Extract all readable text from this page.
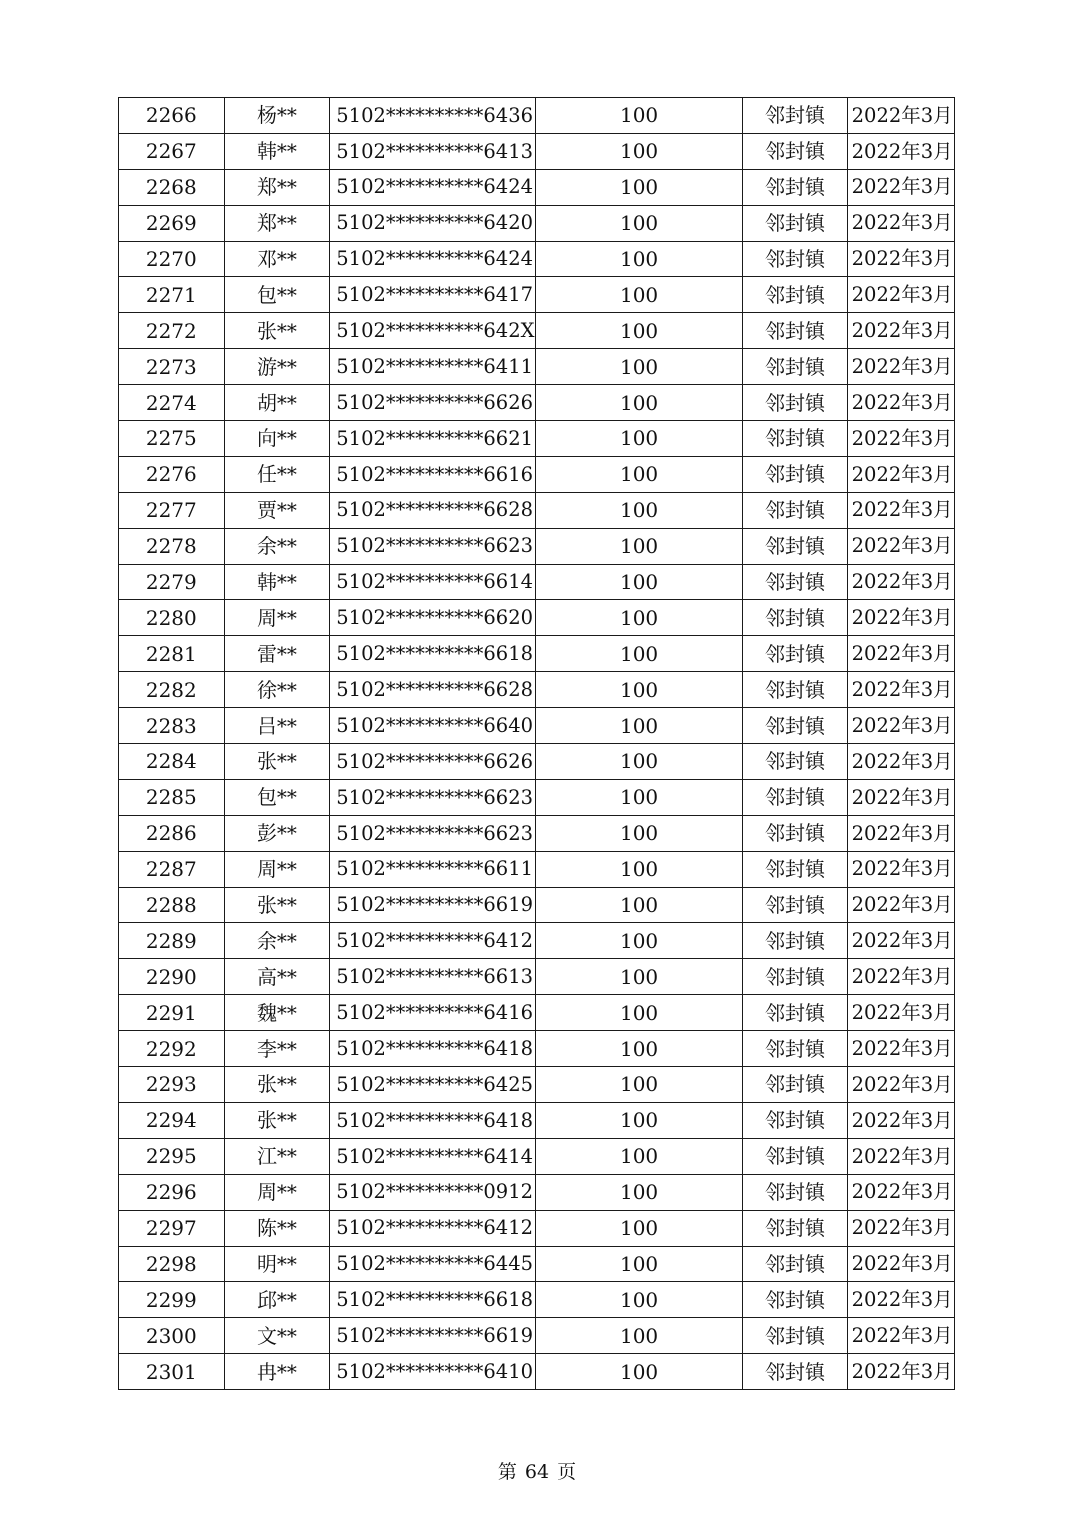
2266	杨**	5102**********6436	100	邻封镇	2022年3月
2267	韩**	5102**********6413	100	邻封镇	2022年3月
2268	郑**	5102**********6424	100	邻封镇	2022年3月
2269	郑**	5102**********6420	100	邻封镇	2022年3月
2270	邓**	5102**********6424	100	邻封镇	2022年3月
2271	包**	5102**********6417	100	邻封镇	2022年3月
2272	张**	5102**********642X	100	邻封镇	2022年3月
2273	游**	5102**********6411	100	邻封镇	2022年3月
2274	胡**	5102**********6626	100	邻封镇	2022年3月
2275	向**	5102**********6621	100	邻封镇	2022年3月
2276	任**	5102**********6616	100	邻封镇	2022年3月
2277	贾**	5102**********6628	100	邻封镇	2022年3月
2278	余**	5102**********6623	100	邻封镇	2022年3月
2279	韩**	5102**********6614	100	邻封镇	2022年3月
2280	周**	5102**********6620	100	邻封镇	2022年3月
2281	雷**	5102**********6618	100	邻封镇	2022年3月
2282	徐**	5102**********6628	100	邻封镇	2022年3月
2283	吕**	5102**********6640	100	邻封镇	2022年3月
2284	张**	5102**********6626	100	邻封镇	2022年3月
2285	包**	5102**********6623	100	邻封镇	2022年3月
2286	彭**	5102**********6623	100	邻封镇	2022年3月
2287	周**	5102**********6611	100	邻封镇	2022年3月
2288	张**	5102**********6619	100	邻封镇	2022年3月
2289	余**	5102**********6412	100	邻封镇	2022年3月
2290	高**	5102**********6613	100	邻封镇	2022年3月
2291	魏**	5102**********6416	100	邻封镇	2022年3月
2292	李**	5102**********6418	100	邻封镇	2022年3月
2293	张**	5102**********6425	100	邻封镇	2022年3月
2294	张**	5102**********6418	100	邻封镇	2022年3月
2295	江**	5102**********6414	100	邻封镇	2022年3月
2296	周**	5102**********0912	100	邻封镇	2022年3月
2297	陈**	5102**********6412	100	邻封镇	2022年3月
2298	明**	5102**********6445	100	邻封镇	2022年3月
2299	邱**	5102**********6618	100	邻封镇	2022年3月
2300	文**	5102**********6619	100	邻封镇	2022年3月
2301	冉**	5102**********6410	100	邻封镇	2022年3月
第 64 页
